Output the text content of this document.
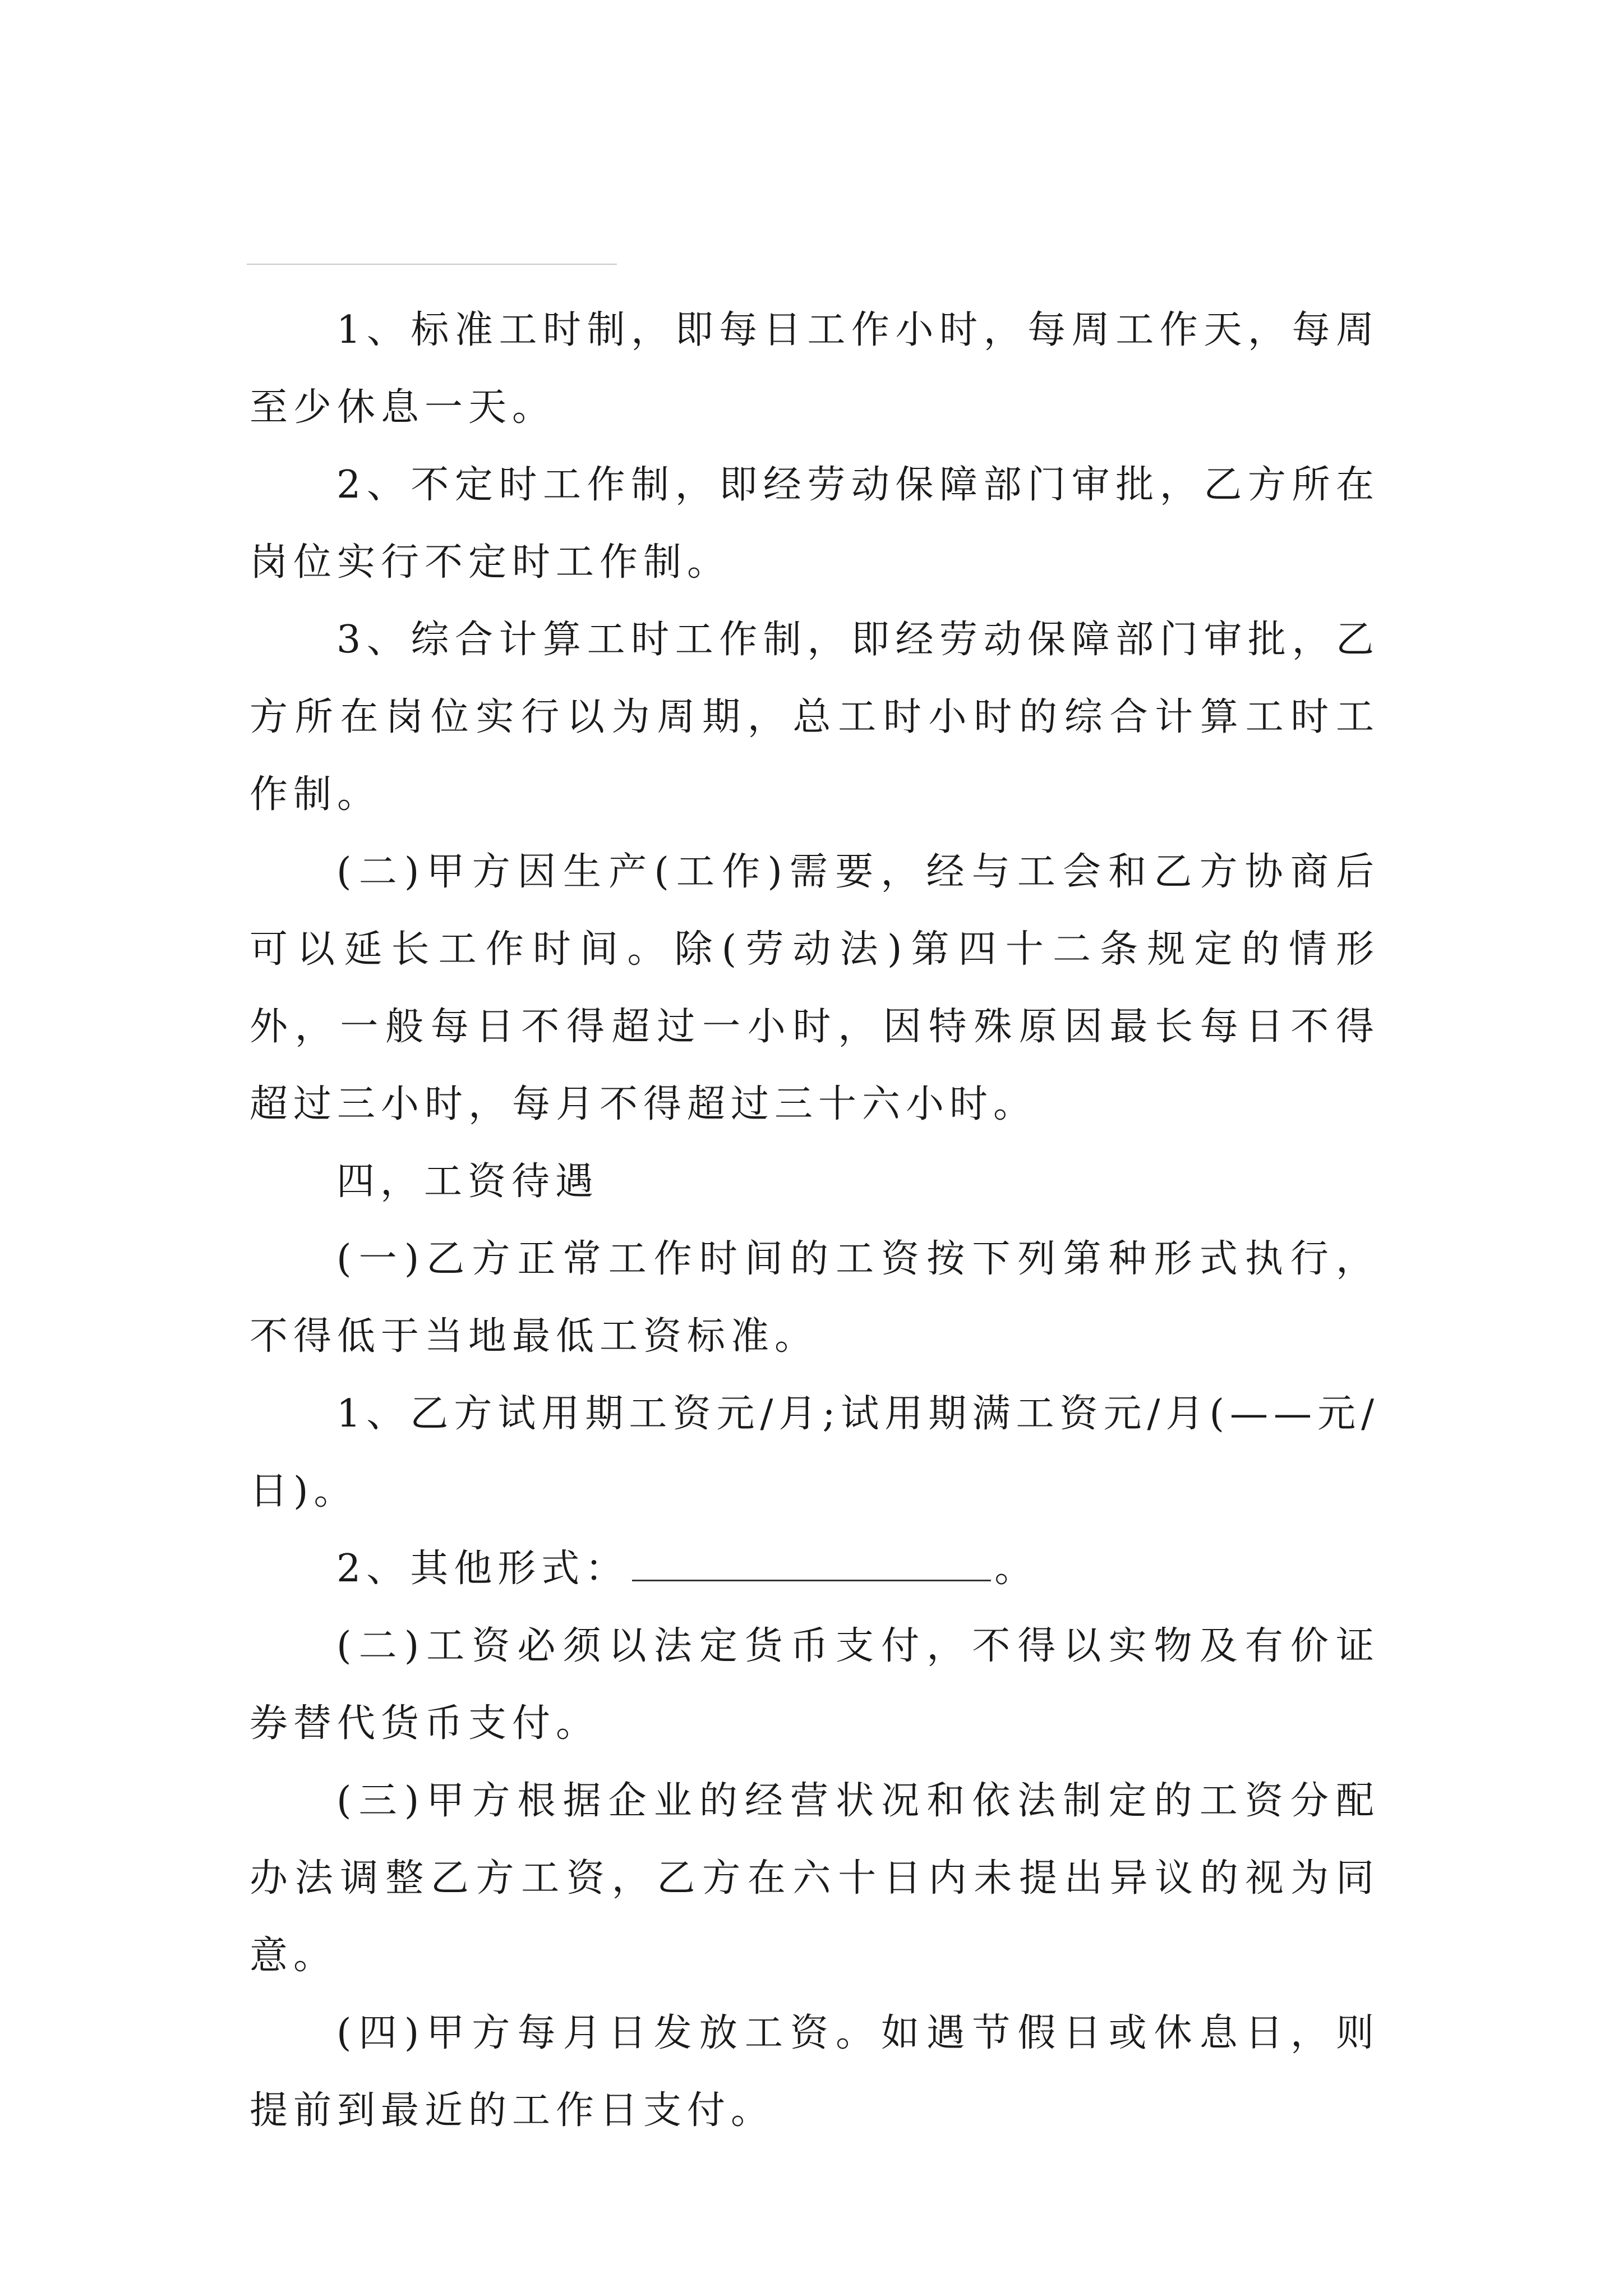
1、标准工时制，即每日工作小时，每周工作天，每周至少休息一天。

2、不定时工作制，即经劳动保障部门审批，乙方所在岗位实行不定时工作制。

3、综合计算工时工作制，即经劳动保障部门审批，乙方所在岗位实行以为周期，总工时小时的综合计算工时工作制。

(二)甲方因生产(工作)需要，经与工会和乙方协商后可以延长工作时间。除(劳动法)第四十二条规定的情形外，一般每日不得超过一小时，因特殊原因最长每日不得超过三小时，每月不得超过三十六小时。

四，工资待遇

(一)乙方正常工作时间的工资按下列第种形式执行，不得低于当地最低工资标准。

1、乙方试用期工资元/月;试用期满工资元/月(——元/日)。

2、其他形式：	。

(二)工资必须以法定货币支付，不得以实物及有价证券替代货币支付。

(三)甲方根据企业的经营状况和依法制定的工资分配办法调整乙方工资，乙方在六十日内未提出异议的视为同意。

(四)甲方每月日发放工资。如遇节假日或休息日，则提前到最近的工作日支付。
